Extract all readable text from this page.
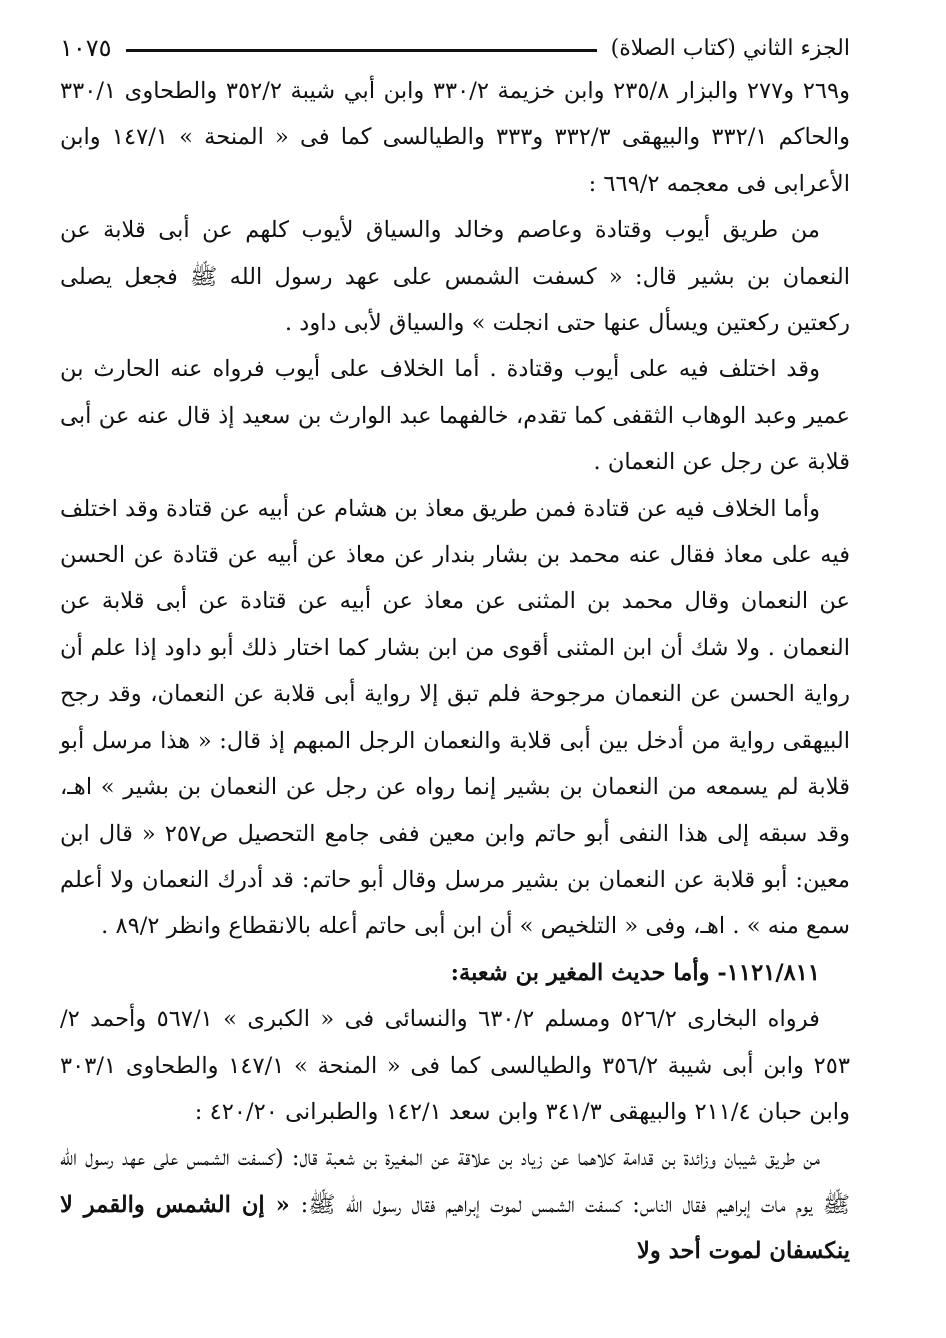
الجزء الثاني (كتاب الصلاة)
١٠٧٥

و٢٦٩ و٢٧٧ والبزار ٢٣٥/٨ وابن خزيمة ٣٣٠/٢ وابن أبي شيبة ٣٥٢/٢ والطحاوى ٣٣٠/١ والحاكم ٣٣٢/١ والبيهقى ٣٣٢/٣ و٣٣٣ والطيالسى كما فى « المنحة » ١٤٧/١ وابن الأعرابى فى معجمه ٦٦٩/٢ :

من طريق أيوب وقتادة وعاصم وخالد والسياق لأيوب كلهم عن أبى قلابة عن النعمان بن بشير قال: « كسفت الشمس على عهد رسول الله ﷺ فجعل يصلى ركعتين ركعتين ويسأل عنها حتى انجلت » والسياق لأبى داود .

وقد اختلف فيه على أيوب وقتادة . أما الخلاف على أيوب فرواه عنه الحارث بن عمير وعبد الوهاب الثقفى كما تقدم، خالفهما عبد الوارث بن سعيد إذ قال عنه عن أبى قلابة عن رجل عن النعمان .

وأما الخلاف فيه عن قتادة فمن طريق معاذ بن هشام عن أبيه عن قتادة وقد اختلف فيه على معاذ فقال عنه محمد بن بشار بندار عن معاذ عن أبيه عن قتادة عن الحسن عن النعمان وقال محمد بن المثنى عن معاذ عن أبيه عن قتادة عن أبى قلابة عن النعمان . ولا شك أن ابن المثنى أقوى من ابن بشار كما اختار ذلك أبو داود إذا علم أن رواية الحسن عن النعمان مرجوحة فلم تبق إلا رواية أبى قلابة عن النعمان، وقد رجح البيهقى رواية من أدخل بين أبى قلابة والنعمان الرجل المبهم إذ قال: « هذا مرسل أبو قلابة لم يسمعه من النعمان بن بشير إنما رواه عن رجل عن النعمان بن بشير » اهـ، وقد سبقه إلى هذا النفى أبو حاتم وابن معين ففى جامع التحصيل ص٢٥٧ « قال ابن معين: أبو قلابة عن النعمان بن بشير مرسل وقال أبو حاتم: قد أدرك النعمان ولا أعلم سمع منه » . اهـ، وفى « التلخيص » أن ابن أبى حاتم أعله بالانقطاع وانظر ٨٩/٢ .

١١٢١/٨١١- وأما حديث المغير بن شعبة:

فرواه البخارى ٥٢٦/٢ ومسلم ٦٣٠/٢ والنسائى فى « الكبرى » ٥٦٧/١ وأحمد ٢/ ٢٥٣ وابن أبى شيبة ٣٥٦/٢ والطيالسى كما فى « المنحة » ١٤٧/١ والطحاوى ٣٠٣/١ وابن حبان ٢١١/٤ والبيهقى ٣٤١/٣ وابن سعد ١٤٢/١ والطبرانى ٤٢٠/٢٠ :

من طريق شيبان وزائدة بن قدامة كلاهما عن زياد بن علاقة عن المغيرة بن شعبة قال: (كسفت الشمس على عهد رسول الله ﷺ يوم مات إبراهيم فقال الناس: كسفت الشمس لموت إبراهيم فقال رسول الله ﷺ: « إن الشمس والقمر لا ينكسفان لموت أحد ولا
